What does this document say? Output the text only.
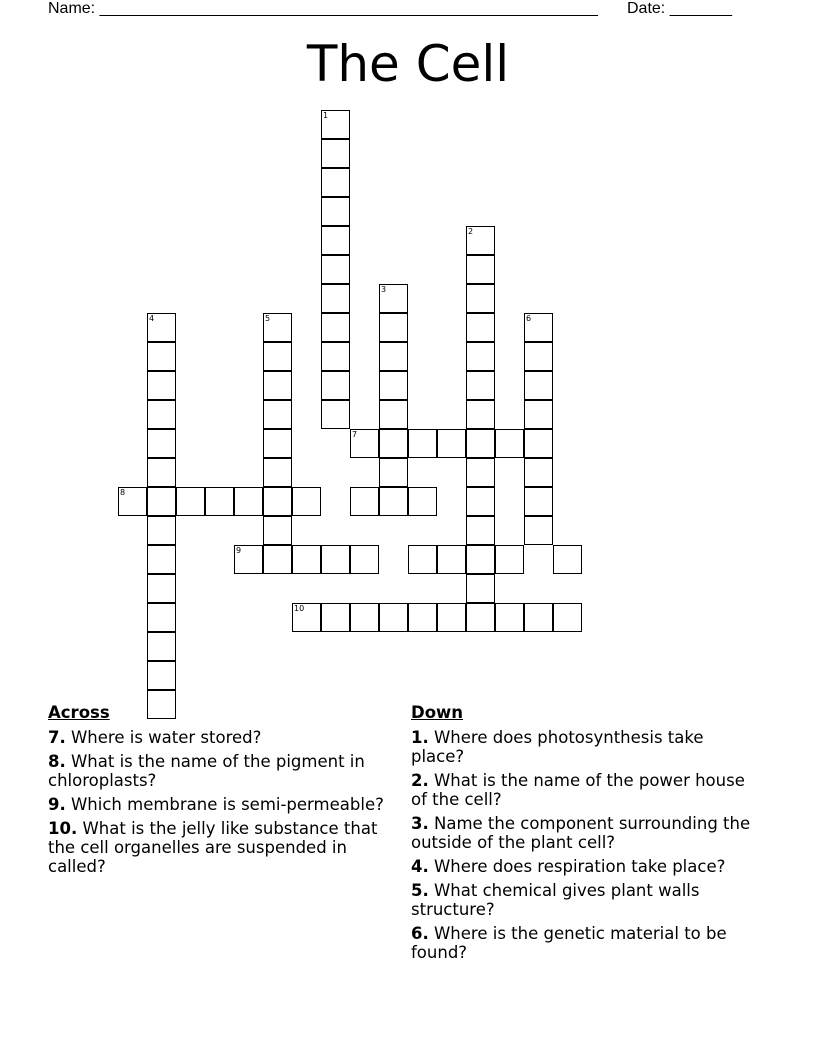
Name: ________________________________________________________ Date: _______
The Cell
1
2
3
4	5	6
7
8
9
10
Across
7. Where is water stored?
8. What is the name of the pigment in chloroplasts?
9. Which membrane is semi-permeable?
10. What is the jelly like substance that the cell organelles are suspended in called?
Down
1. Where does photosynthesis take place?
2. What is the name of the power house of the cell?
3. Name the component surrounding the outside of the plant cell?
4. Where does respiration take place?
5. What chemical gives plant walls structure?
6. Where is the genetic material to be found?
